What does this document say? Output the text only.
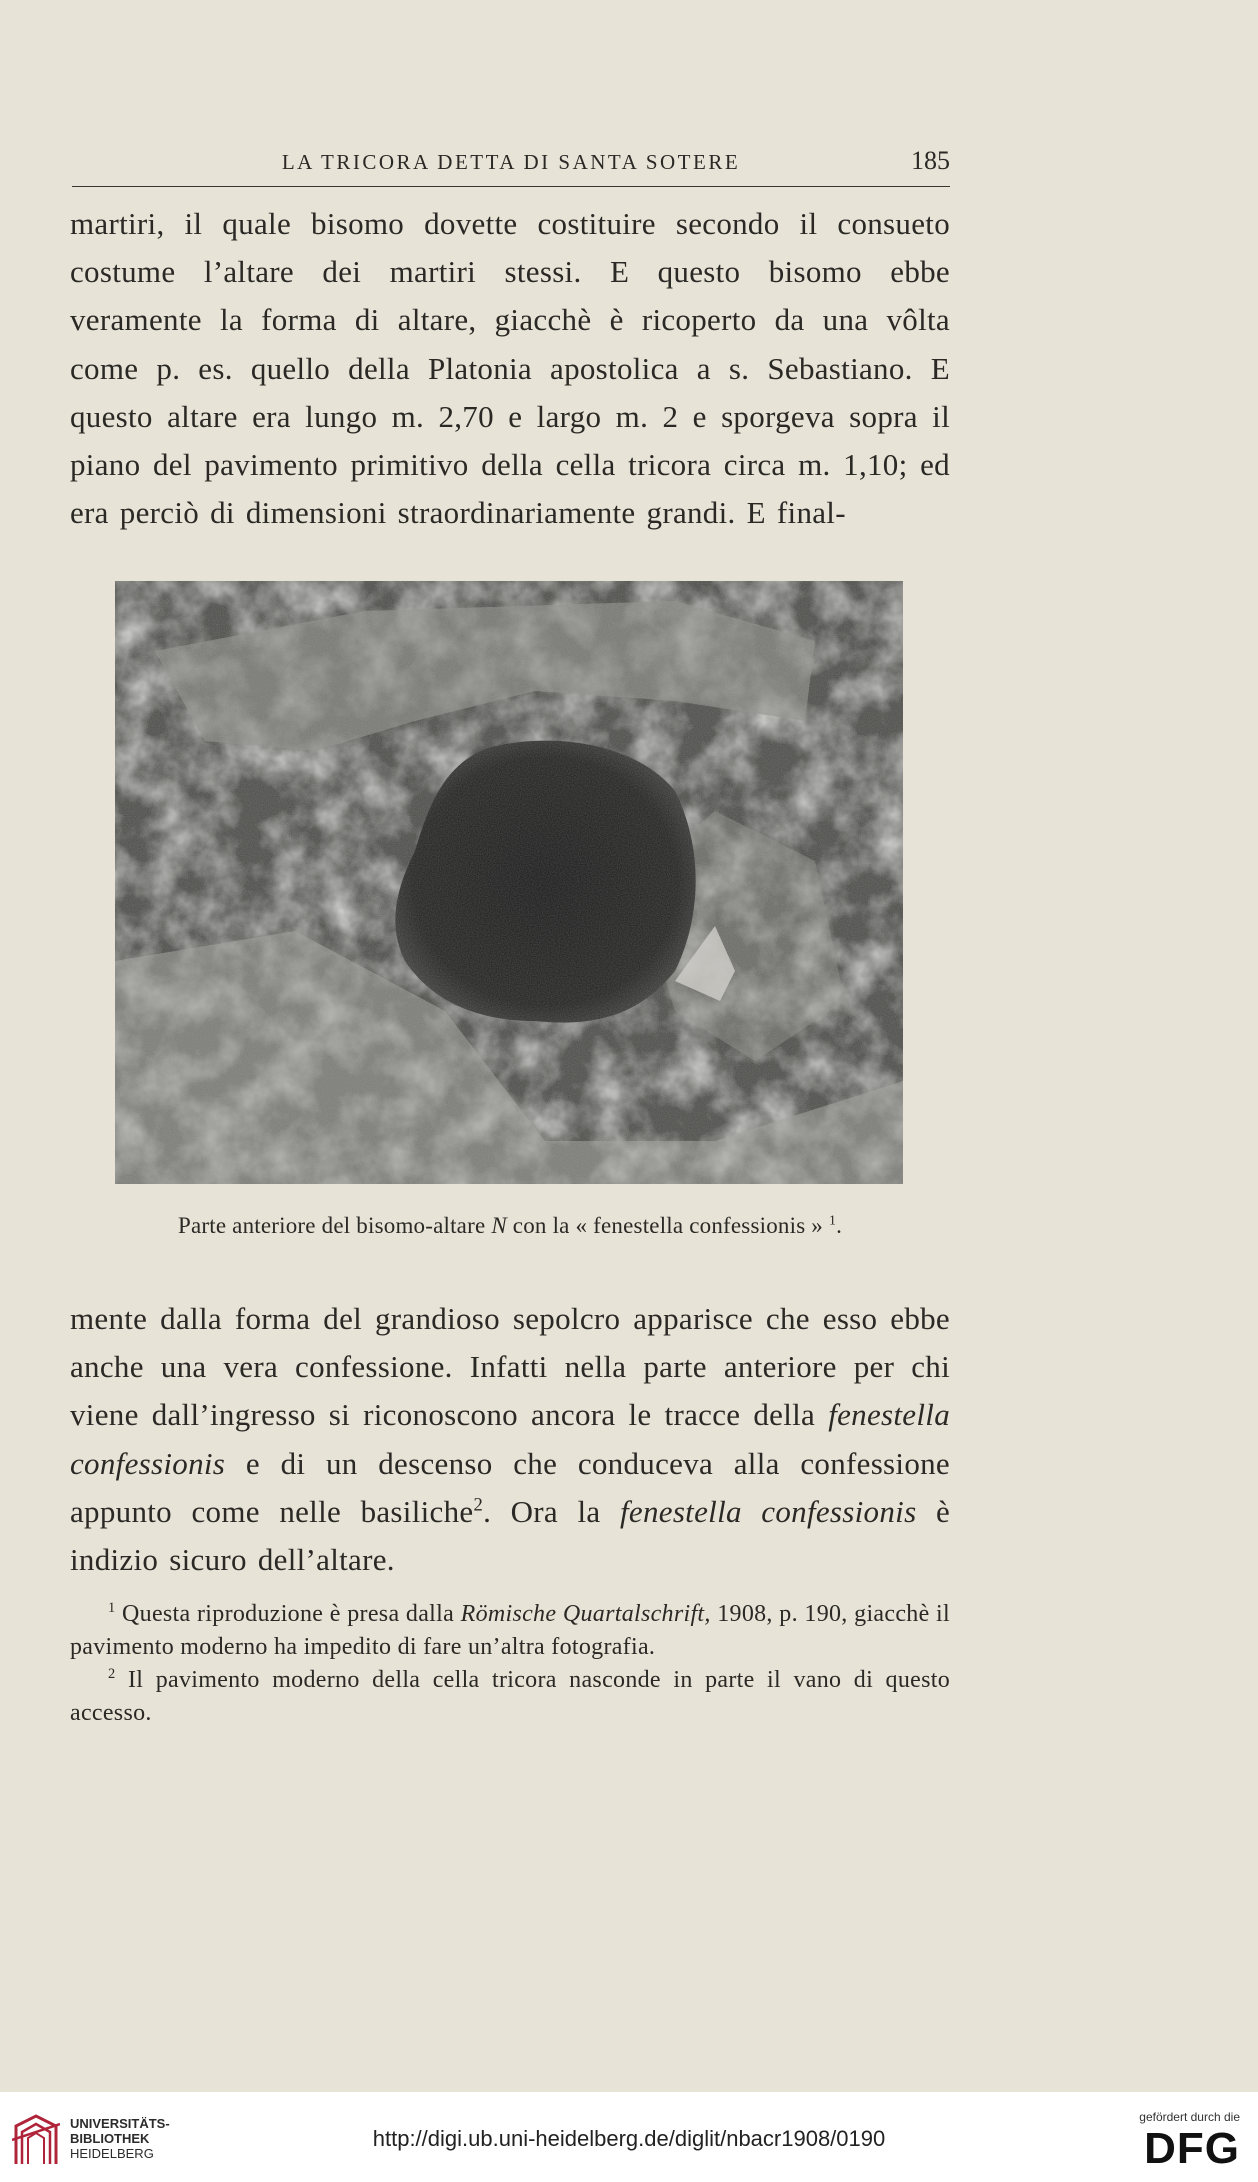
LA TRICORA DETTA DI SANTA SOTERE	185

martiri, il quale bisomo dovette costituire secondo il consueto costume l’altare dei martiri stessi. E questo bisomo ebbe veramente la forma di altare, giacchè è ricoperto da una vôlta come p. es. quello della Platonia apostolica a s. Sebastiano. E questo altare era lungo m. 2,70 e largo m. 2 e sporgeva sopra il piano del pavimento primitivo della cella tricora circa m. 1,10; ed era perciò di dimensioni straordinariamente grandi. E final-

Parte anteriore del bisomo-altare N con la « fenestella confessionis » $^1$.

mente dalla forma del grandioso sepolcro apparisce che esso ebbe anche una vera confessione. Infatti nella parte anteriore per chi viene dall’ingresso si riconoscono ancora le tracce della fenestella confessionis e di un descenso che conduceva alla confessione appunto come nelle basiliche$^2$. Ora la fenestella confessionis è indizio sicuro dell’altare.

$^1$ Questa riproduzione è presa dalla Römische Quartalschrift, 1908, p. 190, giacchè il pavimento moderno ha impedito di fare un’altra fotografia.

$^2$ Il pavimento moderno della cella tricora nasconde in parte il vano di questo accesso.

UNIVERSITÄTS-
BIBLIOTHEK
HEIDELBERG
http://digi.ub.uni-heidelberg.de/diglit/nbacr1908/0190
gefördert durch die
DFG
